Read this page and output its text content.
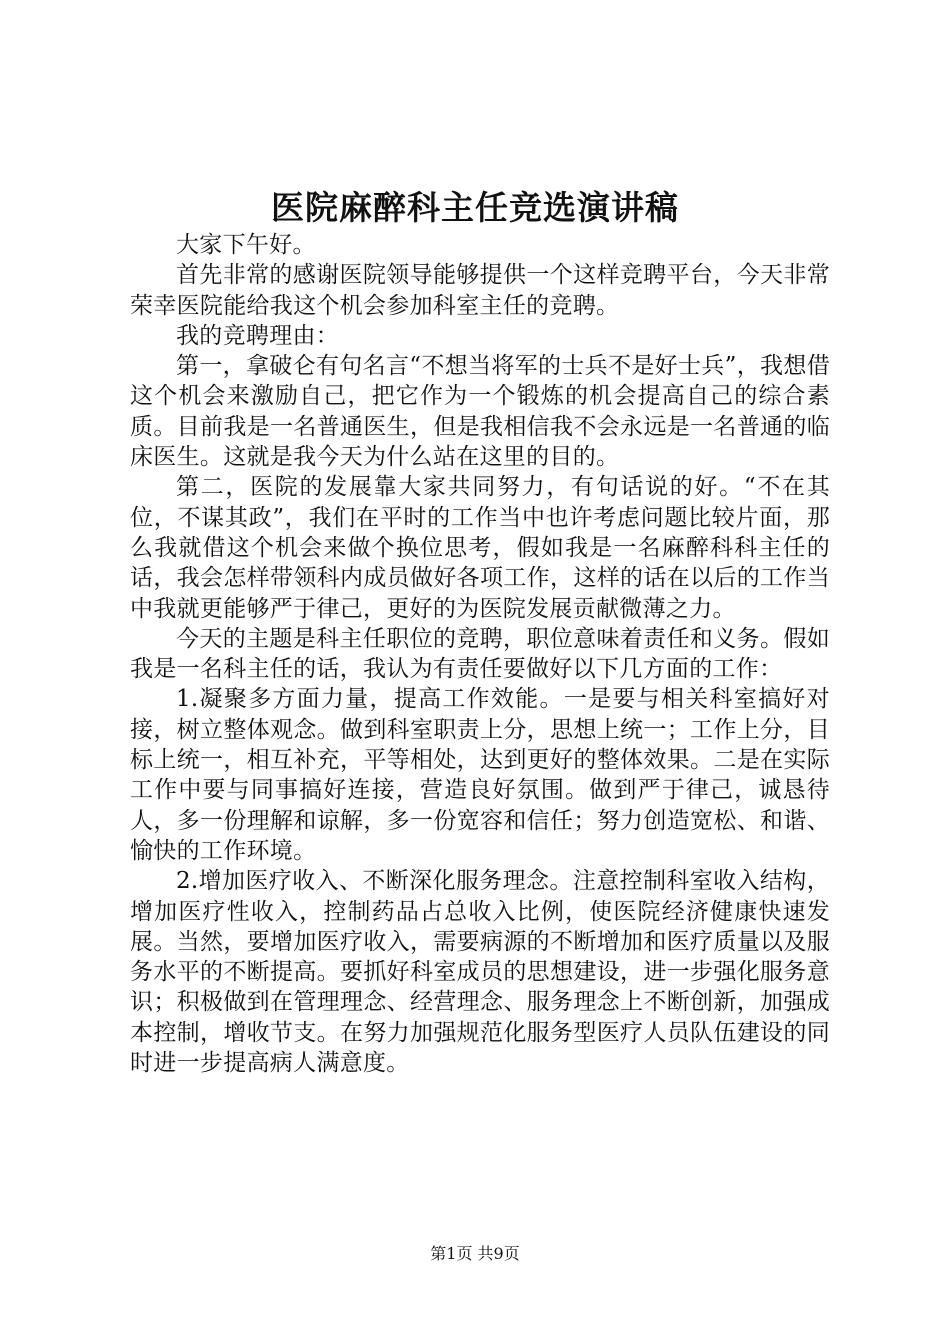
医院麻醉科主任竞选演讲稿

大家下午好。

首先非常的感谢医院领导能够提供一个这样竞聘平台，今天非常荣幸医院能给我这个机会参加科室主任的竞聘。

我的竞聘理由：

第一，拿破仑有句名言“不想当将军的士兵不是好士兵”，我想借这个机会来激励自己，把它作为一个锻炼的机会提高自己的综合素质。目前我是一名普通医生，但是我相信我不会永远是一名普通的临床医生。这就是我今天为什么站在这里的目的。

第二，医院的发展靠大家共同努力，有句话说的好。“不在其位，不谋其政”，我们在平时的工作当中也许考虑问题比较片面，那么我就借这个机会来做个换位思考，假如我是一名麻醉科科主任的话，我会怎样带领科内成员做好各项工作，这样的话在以后的工作当中我就更能够严于律己，更好的为医院发展贡献微薄之力。

今天的主题是科主任职位的竞聘，职位意味着责任和义务。假如我是一名科主任的话，我认为有责任要做好以下几方面的工作：

1.凝聚多方面力量，提高工作效能。一是要与相关科室搞好对接，树立整体观念。做到科室职责上分，思想上统一；工作上分，目标上统一，相互补充，平等相处，达到更好的整体效果。二是在实际工作中要与同事搞好连接，营造良好氛围。做到严于律己，诚恳待人，多一份理解和谅解，多一份宽容和信任；努力创造宽松、和谐、愉快的工作环境。

2.增加医疗收入、不断深化服务理念。注意控制科室收入结构，增加医疗性收入，控制药品占总收入比例，使医院经济健康快速发展。当然，要增加医疗收入，需要病源的不断增加和医疗质量以及服务水平的不断提高。要抓好科室成员的思想建设，进一步强化服务意识；积极做到在管理理念、经营理念、服务理念上不断创新，加强成本控制，增收节支。在努力加强规范化服务型医疗人员队伍建设的同时进一步提高病人满意度。

第1页 共9页
